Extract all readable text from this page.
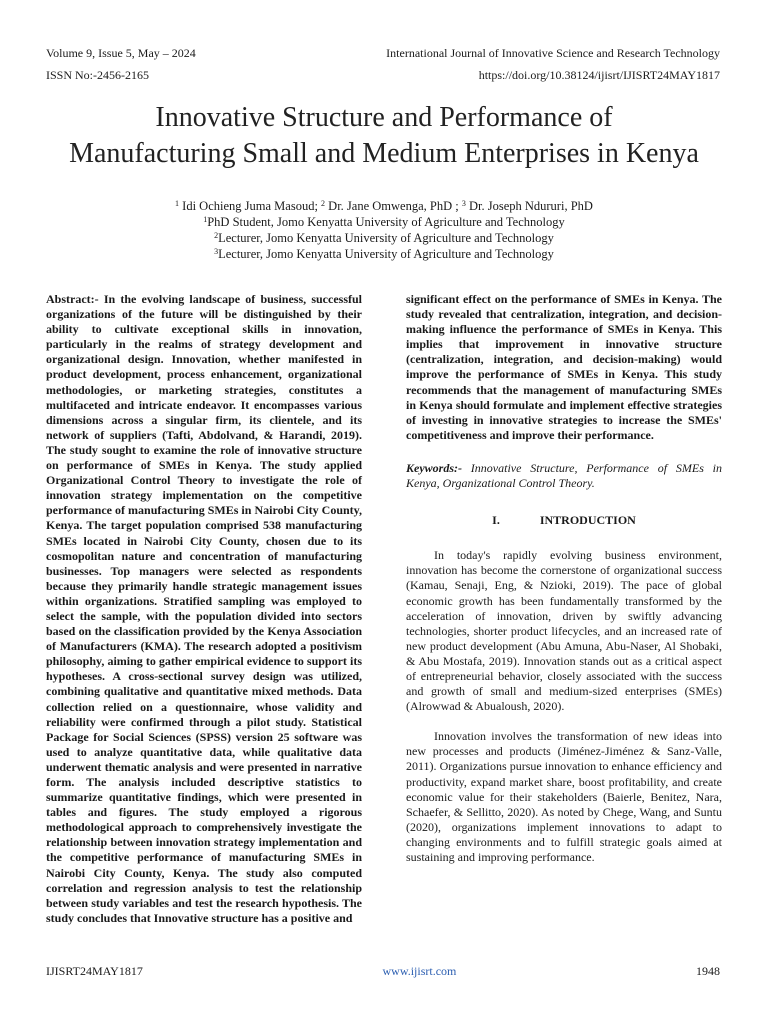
Volume 9, Issue 5, May – 2024	International Journal of Innovative Science and Research Technology
ISSN No:-2456-2165	https://doi.org/10.38124/ijisrt/IJISRT24MAY1817
Innovative Structure and Performance of
Manufacturing Small and Medium Enterprises in Kenya
$^1$ Idi Ochieng Juma Masoud; $^2$ Dr. Jane Omwenga, PhD ; $^3$ Dr. Joseph Ndururi, PhD
$^1$PhD Student, Jomo Kenyatta University of Agriculture and Technology
$^2$Lecturer, Jomo Kenyatta University of Agriculture and Technology
$^3$Lecturer, Jomo Kenyatta University of Agriculture and Technology
Abstract:- In the evolving landscape of business, successful organizations of the future will be distinguished by their ability to cultivate exceptional skills in innovation, particularly in the realms of strategy development and organizational design. Innovation, whether manifested in product development, process enhancement, organizational methodologies, or marketing strategies, constitutes a multifaceted and intricate endeavor. It encompasses various dimensions across a singular firm, its clientele, and its network of suppliers (Tafti, Abdolvand, & Harandi, 2019). The study sought to examine the role of innovative structure on performance of SMEs in Kenya. The study applied Organizational Control Theory to investigate the role of innovation strategy implementation on the competitive performance of manufacturing SMEs in Nairobi City County, Kenya. The target population comprised 538 manufacturing SMEs located in Nairobi City County, chosen due to its cosmopolitan nature and concentration of manufacturing businesses. Top managers were selected as respondents because they primarily handle strategic management issues within organizations. Stratified sampling was employed to select the sample, with the population divided into sectors based on the classification provided by the Kenya Association of Manufacturers (KMA). The research adopted a positivism philosophy, aiming to gather empirical evidence to support its hypotheses. A cross-sectional survey design was utilized, combining qualitative and quantitative mixed methods. Data collection relied on a questionnaire, whose validity and reliability were confirmed through a pilot study. Statistical Package for Social Sciences (SPSS) version 25 software was used to analyze quantitative data, while qualitative data underwent thematic analysis and were presented in narrative form. The analysis included descriptive statistics to summarize quantitative findings, which were presented in tables and figures. The study employed a rigorous methodological approach to comprehensively investigate the relationship between innovation strategy implementation and the competitive performance of manufacturing SMEs in Nairobi City County, Kenya. The study also computed correlation and regression analysis to test the relationship between study variables and test the research hypothesis. The study concludes that Innovative structure has a positive and
significant effect on the performance of SMEs in Kenya. The study revealed that centralization, integration, and decision-making influence the performance of SMEs in Kenya. This implies that improvement in innovative structure (centralization, integration, and decision-making) would improve the performance of SMEs in Kenya. This study recommends that the management of manufacturing SMEs in Kenya should formulate and implement effective strategies of investing in innovative strategies to increase the SMEs' competitiveness and improve their performance.
Keywords:- Innovative Structure, Performance of SMEs in Kenya, Organizational Control Theory.
I.	INTRODUCTION

In today's rapidly evolving business environment, innovation has become the cornerstone of organizational success (Kamau, Senaji, Eng, & Nzioki, 2019). The pace of global economic growth has been fundamentally transformed by the acceleration of innovation, driven by swiftly advancing technologies, shorter product lifecycles, and an increased rate of new product development (Abu Amuna, Abu-Naser, Al Shobaki, & Abu Mostafa, 2019). Innovation stands out as a critical aspect of entrepreneurial behavior, closely associated with the success and growth of small and medium-sized enterprises (SMEs) (Alrowwad & Abualoush, 2020).

Innovation involves the transformation of new ideas into new processes and products (Jiménez-Jiménez & Sanz-Valle, 2011). Organizations pursue innovation to enhance efficiency and productivity, expand market share, boost profitability, and create economic value for their stakeholders (Baierle, Benitez, Nara, Schaefer, & Sellitto, 2020). As noted by Chege, Wang, and Suntu (2020), organizations implement innovations to adapt to changing environments and to fulfill strategic goals aimed at sustaining and improving performance.

IJISRT24MAY1817	www.ijisrt.com	1948
